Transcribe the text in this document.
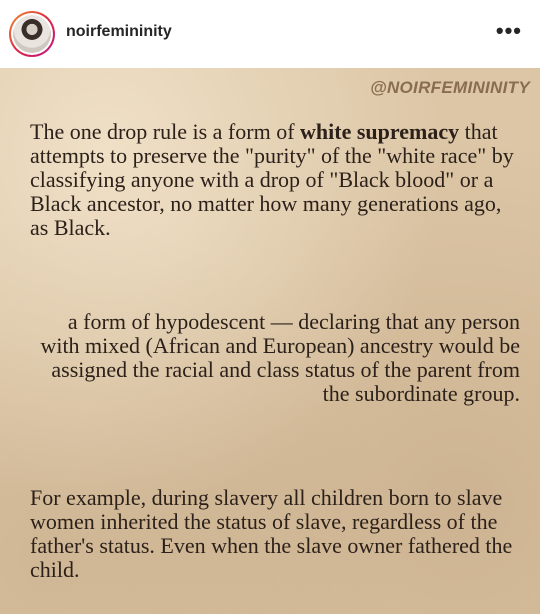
noirfemininity	•••
@NOIRFEMININITY
The one drop rule is a form of white supremacy that attempts to preserve the "purity" of the "white race" by classifying anyone with a drop of "Black blood" or a Black ancestor, no matter how many generations ago, as Black.
a form of hypodescent — declaring that any person with mixed (African and European) ancestry would be assigned the racial and class status of the parent from the subordinate group.
For example, during slavery all children born to slave women inherited the status of slave, regardless of the father's status. Even when the slave owner fathered the child.
